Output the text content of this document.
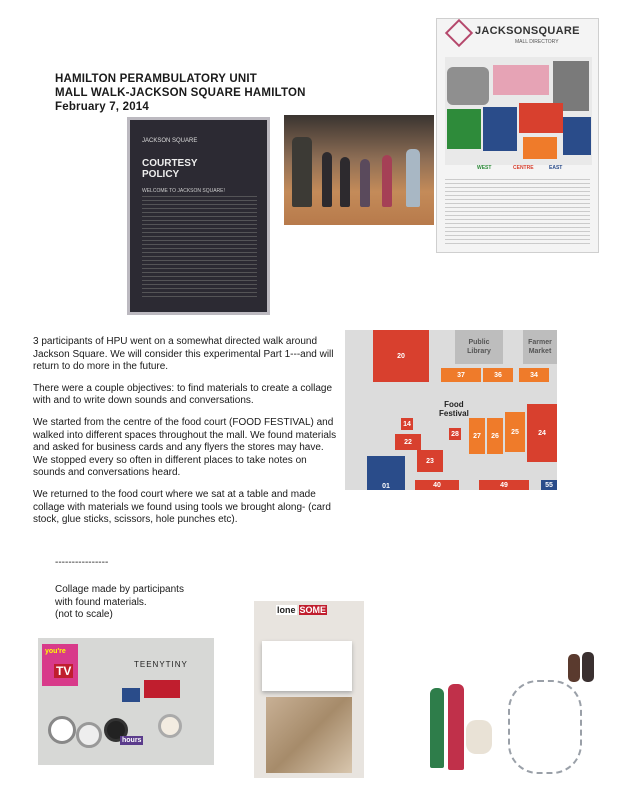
HAMILTON PERAMBULATORY UNIT
MALL WALK-JACKSON SQUARE HAMILTON
February 7, 2014
JACKSON SQUARE
COURTESY
POLICY
WELCOME TO JACKSON SQUARE!
JACKSONSQUARE
MALL DIRECTORY
WEST	CENTRE	EAST

3 participants of HPU went on a somewhat directed walk around Jackson Square. We will consider this experimental Part 1---and will return to do more in the future.

There were a couple objectives: to find materials to create a collage with and to write down sounds and conversations.

We started from the centre of the food court (FOOD FESTIVAL) and walked into different spaces throughout the mall. We found materials and asked for business cards and any flyers the stores may have. We stopped every so often in different places to take notes on sounds and conversations heard.

We returned to the food court where we sat at a table and made collage with materials we found using tools we brought along- (card stock, glue sticks, scissors, hole punches etc).

20
Public
Library
Farmer
Market
37	36	34
14
Food
Festival
28	27	26
25	24
22
23
01	40	49	55
----------------
Collage made by participants
with found materials.
(not to scale)
you're
TV	TEENYTINY
hours
lone SOME
